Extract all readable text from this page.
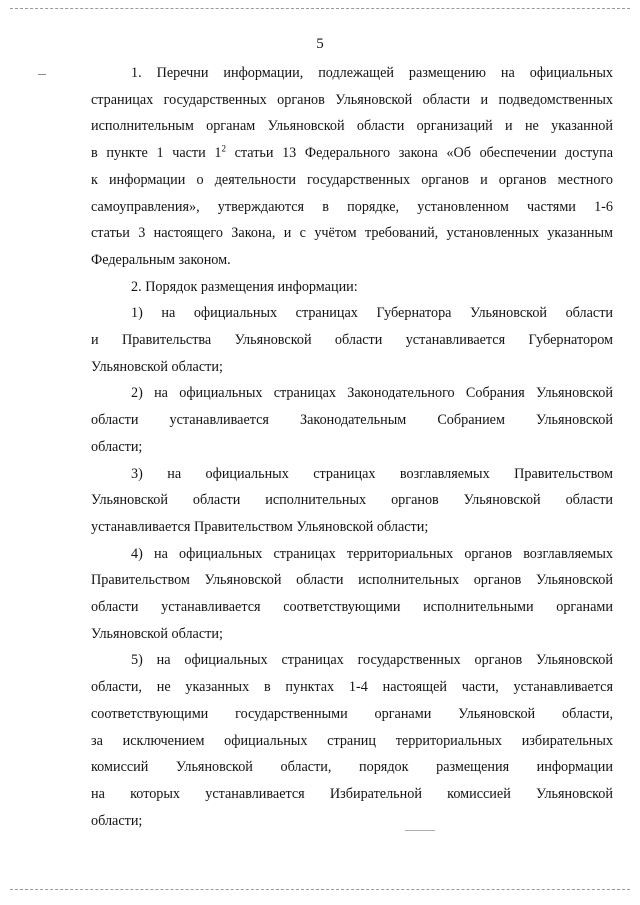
5
1. Перечни информации, подлежащей размещению на официальных
страницах государственных органов Ульяновской области и подведомственных
исполнительным органам Ульяновской области организаций и не указанной
в пункте 1 части $1^2$ статьи 13 Федерального закона «Об обеспечении доступа
к информации о деятельности государственных органов и органов местного
самоуправления», утверждаются в порядке, установленном частями 1-6
статьи 3 настоящего Закона, и с учётом требований, установленных указанным
Федеральным законом.
2. Порядок размещения информации:
1) на официальных страницах Губернатора Ульяновской области
и Правительства Ульяновской области устанавливается Губернатором
Ульяновской области;
2) на официальных страницах Законодательного Собрания Ульяновской
области устанавливается Законодательным Собранием Ульяновской
области;
3) на официальных страницах возглавляемых Правительством
Ульяновской области исполнительных органов Ульяновской области
устанавливается Правительством Ульяновской области;
4) на официальных страницах территориальных органов возглавляемых
Правительством Ульяновской области исполнительных органов Ульяновской
области устанавливается соответствующими исполнительными органами
Ульяновской области;
5) на официальных страницах государственных органов Ульяновской
области, не указанных в пунктах 1-4 настоящей части, устанавливается
соответствующими государственными органами Ульяновской области,
за исключением официальных страниц территориальных избирательных
комиссий Ульяновской области, порядок размещения информации
на которых устанавливается Избирательной комиссией Ульяновской
области;
